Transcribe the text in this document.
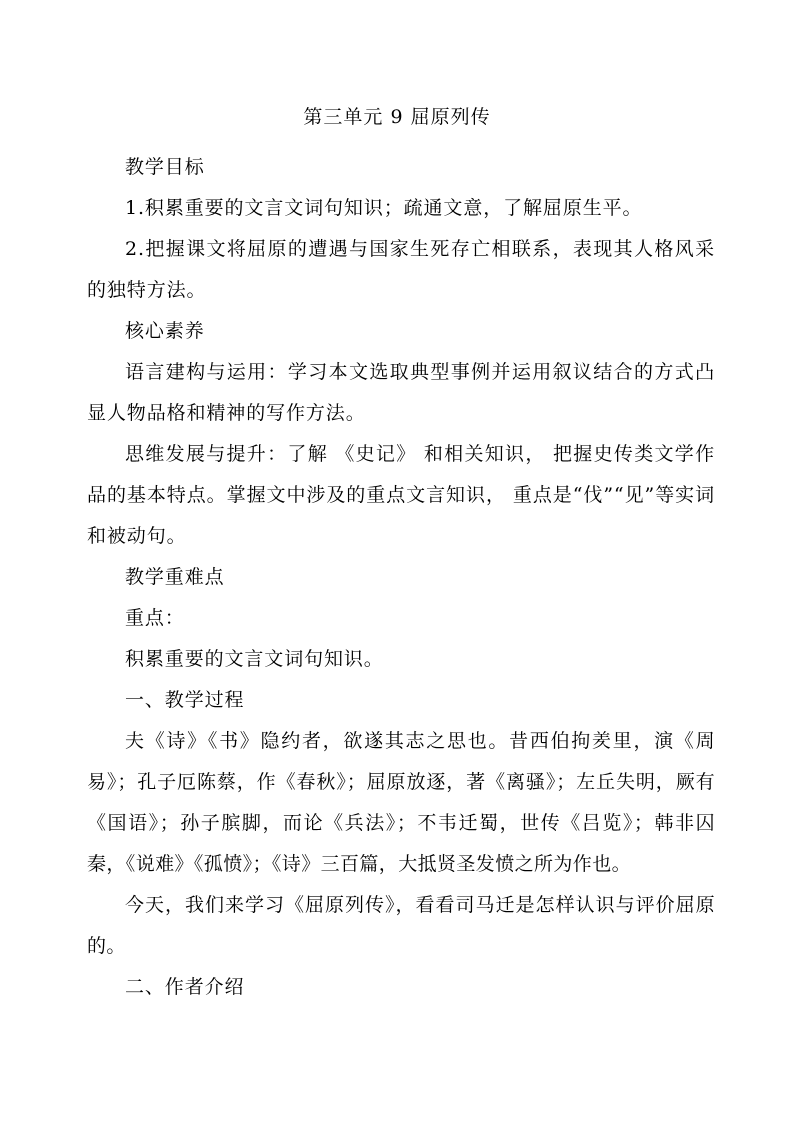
第三单元 9 屈原列传

教学目标

1.积累重要的文言文词句知识；疏通文意，了解屈原生平。

2.把握课文将屈原的遭遇与国家生死存亡相联系，表现其人格风采的独特方法。

核心素养

语言建构与运用：学习本文选取典型事例并运用叙议结合的方式凸显人物品格和精神的写作方法。

思维发展与提升：了解 《史记》 和相关知识， 把握史传类文学作品的基本特点。掌握文中涉及的重点文言知识， 重点是“伐”“见”等实词和被动句。

教学重难点

重点：

积累重要的文言文词句知识。

一、教学过程

夫《诗》《书》隐约者，欲遂其志之思也。昔西伯拘羑里，演《周易》；孔子厄陈蔡，作《春秋》；屈原放逐，著《离骚》；左丘失明，厥有《国语》；孙子膑脚，而论《兵法》；不韦迁蜀，世传《吕览》；韩非囚秦，《说难》《孤愤》；《诗》三百篇，大抵贤圣发愤之所为作也。

今天，我们来学习《屈原列传》，看看司马迁是怎样认识与评价屈原的。

二、作者介绍
